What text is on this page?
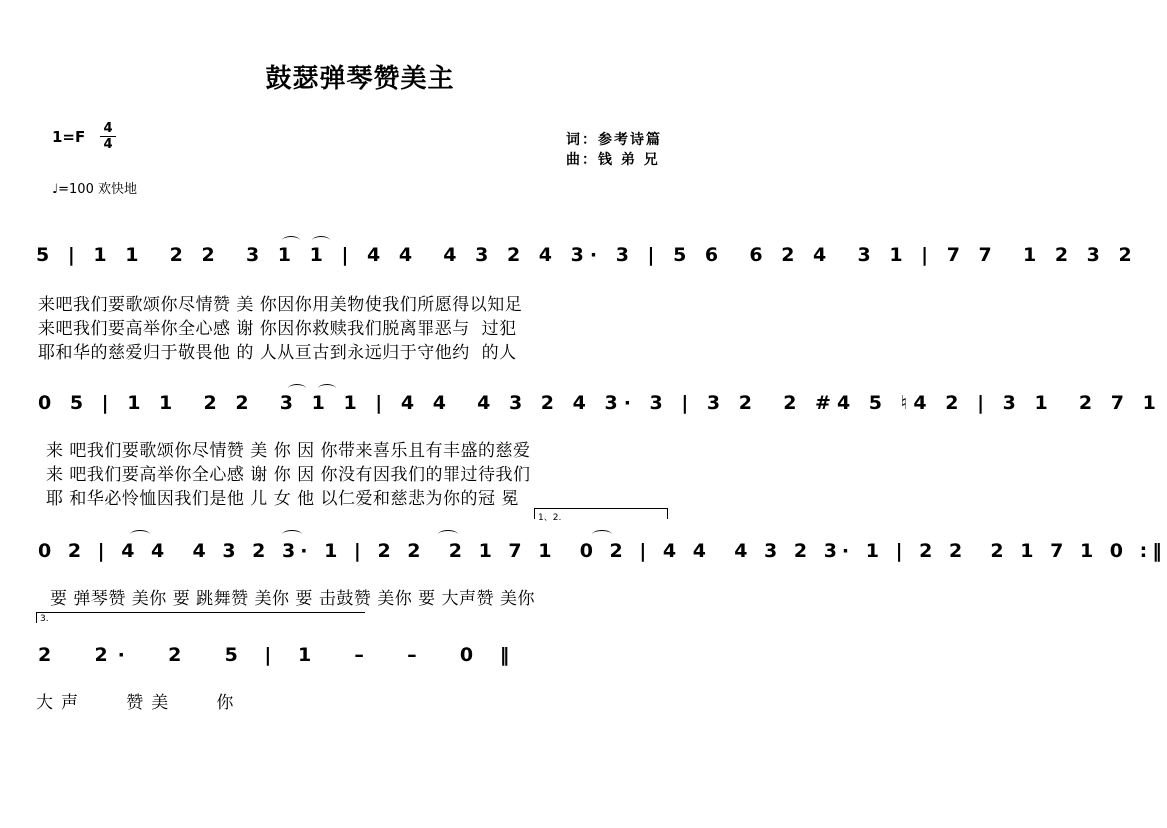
鼓瑟弹琴赞美主
1=F 4
4	词：参考诗篇
曲：钱 弟 兄
♩=100 欢快地
5 | 1 1  2 2  3 1 1 | 4 4  4 3 2 4 3· 3 | 5 6  6 2 4  3 1 | 7 7  1 2 3 2
来吧我们要歌颂你尽情赞 美 你因你用美物使我们所愿得以知足
来吧我们要高举你全心感 谢 你因你救赎我们脱离罪恶与  过犯
耶和华的慈爱归于敬畏他 的 人从亘古到永远归于守他约  的人
0 5 | 1 1  2 2  3 1 1 | 4 4  4 3 2 4 3· 3 | 3 2  2 #4 5 ♮4 2 | 3 1  2 7 1
来 吧我们要歌颂你尽情赞 美 你 因 你带来喜乐且有丰盛的慈爱
来 吧我们要高举你全心感 谢 你 因 你没有因我们的罪过待我们
耶 和华必怜恤因我们是他 儿 女 他 以仁爱和慈悲为你的冠 冕
1、2.
0 2 | 4 4  4 3 2 3· 1 | 2 2  2 1 7 1  0 2 | 4 4  4 3 2 3· 1 | 2 2  2 1 7 1 0 :‖
要 弹琴赞 美你 要 跳舞赞 美你 要 击鼓赞 美你 要 大声赞 美你
3.
2  2·  2  5 | 1  –  –  0 ‖
大声   赞美   你
